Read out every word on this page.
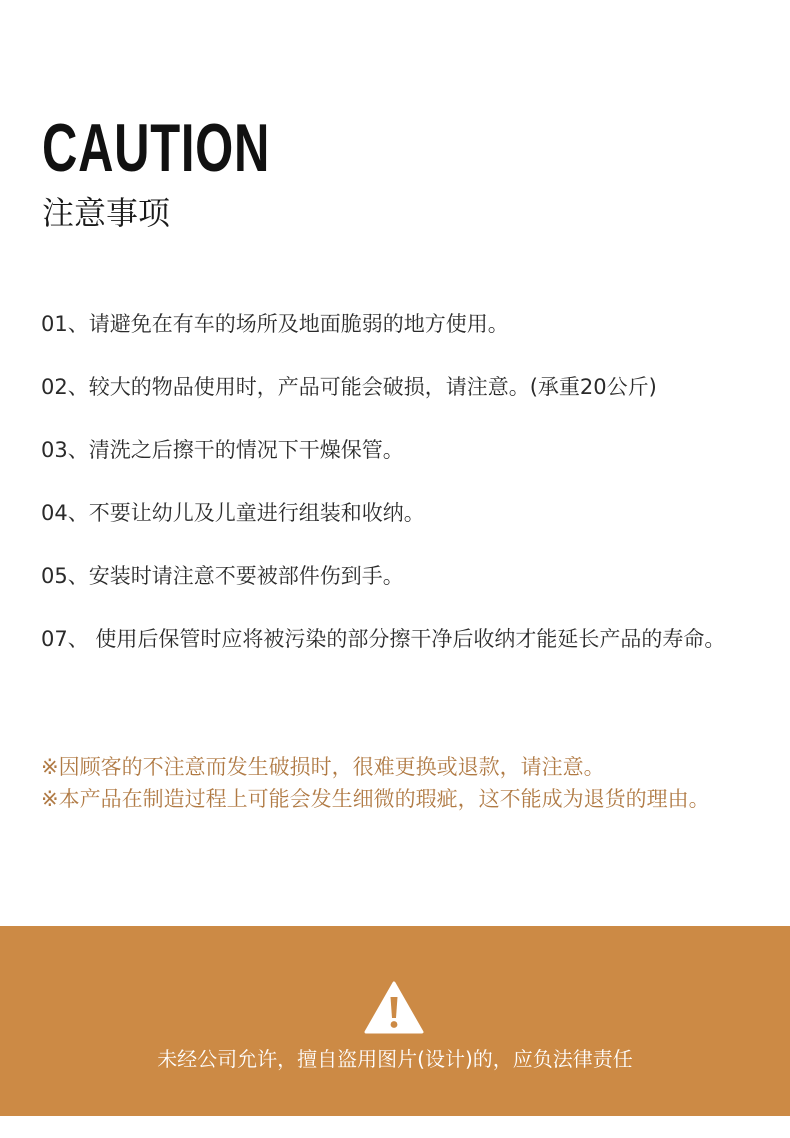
CAUTION
注意事项
01、请避免在有车的场所及地面脆弱的地方使用。
02、较大的物品使用时，产品可能会破损，请注意。(承重20公斤)
03、清洗之后擦干的情况下干燥保管。
04、不要让幼儿及儿童进行组装和收纳。
05、安装时请注意不要被部件伤到手。
07、 使用后保管时应将被污染的部分擦干净后收纳才能延长产品的寿命。

※因顾客的不注意而发生破损时，很难更换或退款，请注意。

※本产品在制造过程上可能会发生细微的瑕疵，这不能成为退货的理由。

未经公司允许，擅自盗用图片(设计)的，应负法律责任
